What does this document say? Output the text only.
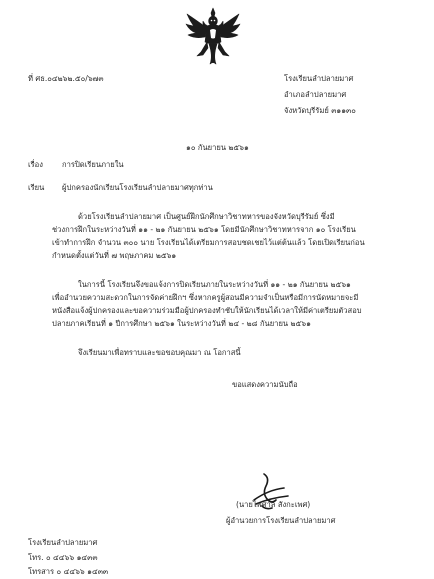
ที่ ศธ.๐๔๒๖๒.๕๐/๖๗๓	โรงเรียนลำปลายมาศ
อำเภอลำปลายมาศ
จังหวัดบุรีรัมย์ ๓๑๑๓๐
๑๐ กันยายน ๒๕๖๑
เรื่อง	การปิดเรียนภายใน
เรียน ผู้ปกครองนักเรียนโรงเรียนลำปลายมาศทุกท่าน
ด้วยโรงเรียนลำปลายมาศ เป็นศูนย์ฝึกนักศึกษาวิชาทหารของจังหวัดบุรีรัมย์ ซึ่งมี
ช่วงการฝึกในระหว่างวันที่ ๑๑ - ๒๑ กันยายน ๒๕๖๑ โดยมีนักศึกษาวิชาทหารจาก ๑๐ โรงเรียน
เข้าทำการฝึก จำนวน ๓๐๐ นาย โรงเรียนได้เตรียมการสอบชดเชยไว้แต่ต้นแล้ว โดยเปิดเรียนก่อน
กำหนดตั้งแต่วันที่ ๗ พฤษภาคม ๒๕๖๑
ในการนี้ โรงเรียนจึงขอแจ้งการปิดเรียนภายในระหว่างวันที่ ๑๑ - ๒๑ กันยายน ๒๕๖๑
เพื่ออำนวยความสะดวกในการจัดค่ายฝึกฯ ซึ่งหากครูผู้สอนมีความจำเป็นหรือมีการนัดหมายจะมี
หนังสือแจ้งผู้ปกครองและขอความร่วมมือผู้ปกครองทำชับให้นักเรียนได้เวลาให้มีค่าเตรียมตัวสอบ
ปลายภาคเรียนที่ ๑ ปีการศึกษา ๒๕๖๑ ในระหว่างวันที่ ๒๔ - ๒๘ กันยายน ๒๕๖๑
จึงเรียนมาเพื่อทราบและขอขอบคุณมา ณ โอกาสนี้
ขอแสดงความนับถือ
(นายไพศาล สังกะเพศ)
ผู้อำนวยการโรงเรียนลำปลายมาศ
โรงเรียนลำปลายมาศ
โทร. ๐ ๔๔๖๖ ๑๔๓๓
โทรสาร ๐ ๔๔๖๖ ๑๔๓๓
